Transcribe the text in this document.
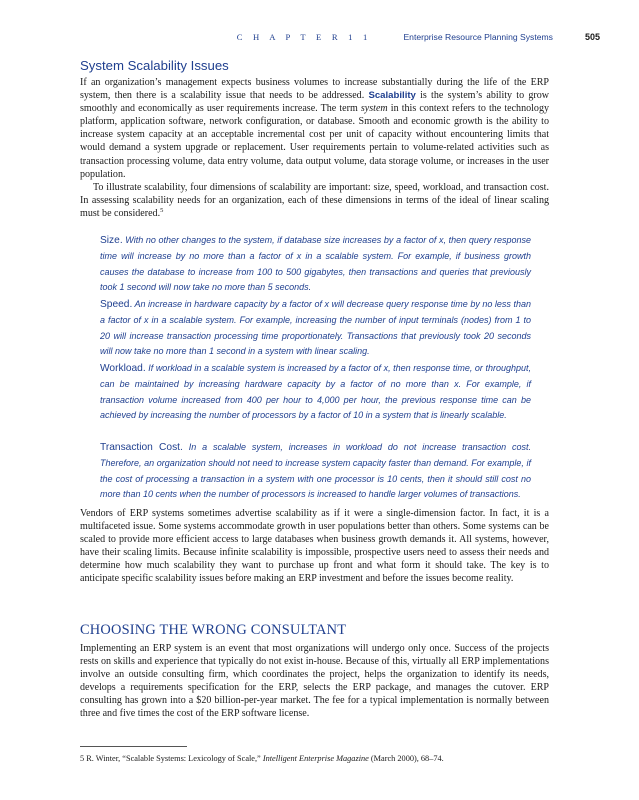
C H A P T E R 1 1	Enterprise Resource Planning Systems	505
System Scalability Issues

If an organization’s management expects business volumes to increase substantially during the life of the ERP system, then there is a scalability issue that needs to be addressed. Scalability is the system’s ability to grow smoothly and economically as user requirements increase. The term system in this context refers to the technology platform, application software, network configuration, or database. Smooth and economic growth is the ability to increase system capacity at an acceptable incremental cost per unit of capacity without encountering limits that would demand a system upgrade or replacement. User requirements pertain to volume-related activities such as transaction processing volume, data entry volume, data output volume, data storage volume, or increases in the user population.

To illustrate scalability, four dimensions of scalability are important: size, speed, workload, and transaction cost. In assessing scalability needs for an organization, each of these dimensions in terms of the ideal of linear scaling must be considered.$^5$

Size. With no other changes to the system, if database size increases by a factor of x, then query response time will increase by no more than a factor of x in a scalable system. For example, if business growth causes the database to increase from 100 to 500 gigabytes, then transactions and queries that previously took 1 second will now take no more than 5 seconds.
Speed. An increase in hardware capacity by a factor of x will decrease query response time by no less than a factor of x in a scalable system. For example, increasing the number of input terminals (nodes) from 1 to 20 will increase transaction processing time proportionately. Transactions that previously took 20 seconds will now take no more than 1 second in a system with linear scaling.
Workload. If workload in a scalable system is increased by a factor of x, then response time, or throughput, can be maintained by increasing hardware capacity by a factor of no more than x. For example, if transaction volume increased from 400 per hour to 4,000 per hour, the previous response time can be achieved by increasing the number of processors by a factor of 10 in a system that is linearly scalable.
Transaction Cost. In a scalable system, increases in workload do not increase transaction cost. Therefore, an organization should not need to increase system capacity faster than demand. For example, if the cost of processing a transaction in a system with one processor is 10 cents, then it should still cost no more than 10 cents when the number of processors is increased to handle larger volumes of transactions.

Vendors of ERP systems sometimes advertise scalability as if it were a single-dimension factor. In fact, it is a multifaceted issue. Some systems accommodate growth in user populations better than others. Some systems can be scaled to provide more efficient access to large databases when business growth demands it. All systems, however, have their scaling limits. Because infinite scalability is impossible, prospective users need to assess their needs and determine how much scalability they want to purchase up front and what form it should take. The key is to anticipate specific scalability issues before making an ERP investment and before the issues become reality.

CHOOSING THE WRONG CONSULTANT

Implementing an ERP system is an event that most organizations will undergo only once. Success of the projects rests on skills and experience that typically do not exist in-house. Because of this, virtually all ERP implementations involve an outside consulting firm, which coordinates the project, helps the organization to identify its needs, develops a requirements specification for the ERP, selects the ERP package, and manages the cutover. ERP consulting has grown into a $20 billion-per-year market. The fee for a typical implementation is normally between three and five times the cost of the ERP software license.

5 R. Winter, “Scalable Systems: Lexicology of Scale,” Intelligent Enterprise Magazine (March 2000), 68–74.
